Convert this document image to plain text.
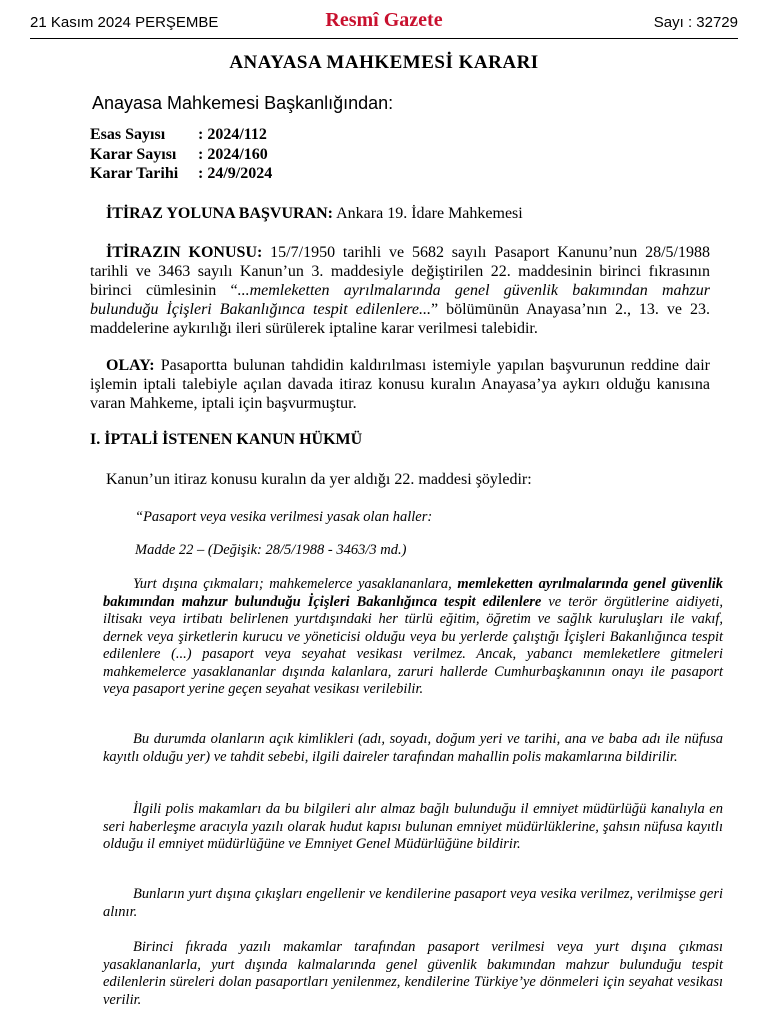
21 Kasım 2024 PERŞEMBE	Resmî Gazete	Sayı : 32729
ANAYASA MAHKEMESİ KARARI
Anayasa Mahkemesi Başkanlığından:
Esas Sayısı : 2024/112
Karar Sayısı : 2024/160
Karar Tarihi : 24/9/2024
İTİRAZ YOLUNA BAŞVURAN: Ankara 19. İdare Mahkemesi
İTİRAZIN KONUSU: 15/7/1950 tarihli ve 5682 sayılı Pasaport Kanunu’nun 28/5/1988 tarihli ve 3463 sayılı Kanun’un 3. maddesiyle değiştirilen 22. maddesinin birinci fıkrasının birinci cümlesinin “...memleketten ayrılmalarında genel güvenlik bakımından mahzur bulunduğu İçişleri Bakanlığınca tespit edilenlere...” bölümünün Anayasa’nın 2., 13. ve 23. maddelerine aykırılığı ileri sürülerek iptaline karar verilmesi talebidir.
OLAY: Pasaportta bulunan tahdidin kaldırılması istemiyle yapılan başvurunun reddine dair işlemin iptali talebiyle açılan davada itiraz konusu kuralın Anayasa’ya aykırı olduğu kanısına varan Mahkeme, iptali için başvurmuştur.
I. İPTALİ İSTENEN KANUN HÜKMÜ
Kanun’un itiraz konusu kuralın da yer aldığı 22. maddesi şöyledir:
“Pasaport veya vesika verilmesi yasak olan haller:
Madde 22 – (Değişik: 28/5/1988 - 3463/3 md.)
Yurt dışına çıkmaları; mahkemelerce yasaklananlara, memleketten ayrılmalarında genel güvenlik bakımından mahzur bulunduğu İçişleri Bakanlığınca tespit edilenlere ve terör örgütlerine aidiyeti, iltisakı veya irtibatı belirlenen yurtdışındaki her türlü eğitim, öğretim ve sağlık kuruluşları ile vakıf, dernek veya şirketlerin kurucu ve yöneticisi olduğu veya bu yerlerde çalıştığı İçişleri Bakanlığınca tespit edilenlere (...) pasaport veya seyahat vesikası verilmez. Ancak, yabancı memleketlere gitmeleri mahkemelerce yasaklananlar dışında kalanlara, zaruri hallerde Cumhurbaşkanının onayı ile pasaport veya pasaport yerine geçen seyahat vesikası verilebilir.
Bu durumda olanların açık kimlikleri (adı, soyadı, doğum yeri ve tarihi, ana ve baba adı ile nüfusa kayıtlı olduğu yer) ve tahdit sebebi, ilgili daireler tarafından mahallin polis makamlarına bildirilir.
İlgili polis makamları da bu bilgileri alır almaz bağlı bulunduğu il emniyet müdürlüğü kanalıyla en seri haberleşme aracıyla yazılı olarak hudut kapısı bulunan emniyet müdürlüklerine, şahsın nüfusa kayıtlı olduğu il emniyet müdürlüğüne ve Emniyet Genel Müdürlüğüne bildirir.
Bunların yurt dışına çıkışları engellenir ve kendilerine pasaport veya vesika verilmez, verilmişse geri alınır.
Birinci fıkrada yazılı makamlar tarafından pasaport verilmesi veya yurt dışına çıkması yasaklananlarla, yurt dışında kalmalarında genel güvenlik bakımından mahzur bulunduğu tespit edilenlerin süreleri dolan pasaportları yenilenmez, kendilerine Türkiye’ye dönmeleri için seyahat vesikası verilir.
